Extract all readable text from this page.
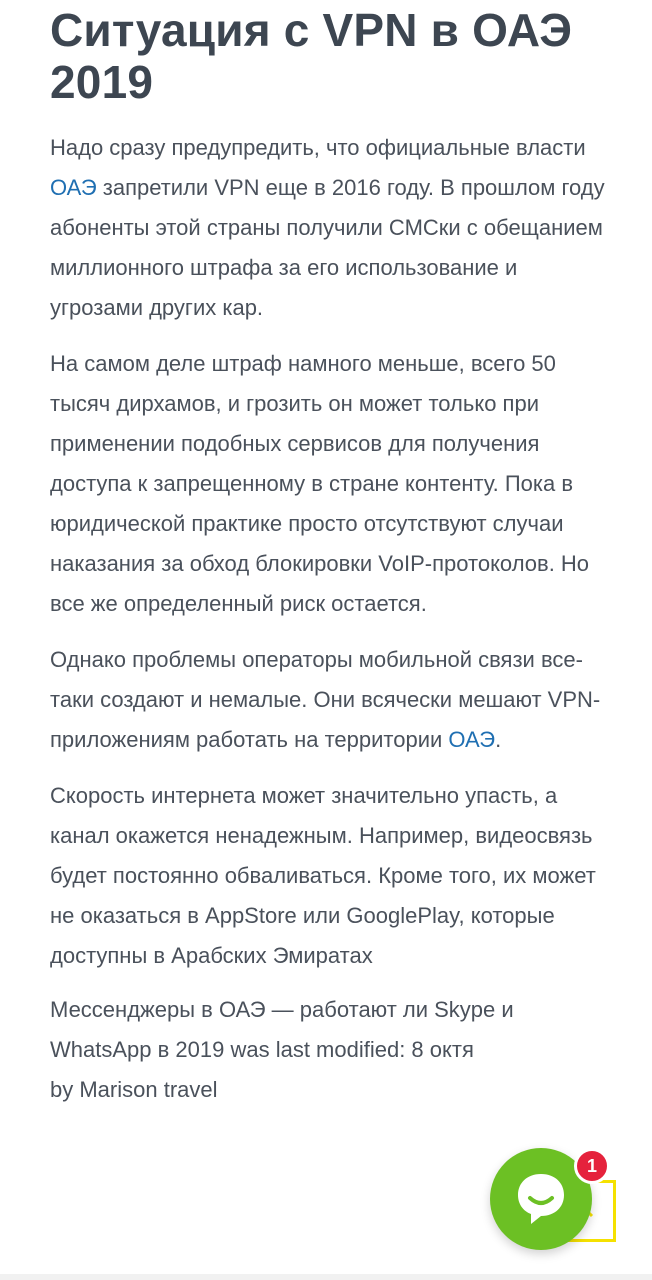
Ситуация с VPN в ОАЭ 2019

Надо сразу предупредить, что официальные власти ОАЭ запретили VPN еще в 2016 году. В прошлом году абоненты этой страны получили СМСки с обещанием миллионного штрафа за его использование и угрозами других кар.

На самом деле штраф намного меньше, всего 50 тысяч дирхамов, и грозить он может только при применении подобных сервисов для получения доступа к запрещенному в стране контенту. Пока в юридической практике просто отсутствуют случаи наказания за обход блокировки VoIP-протоколов. Но все же определенный риск остается.

Однако проблемы операторы мобильной связи все-таки создают и немалые. Они всячески мешают VPN-приложениям работать на территории ОАЭ.

Скорость интернета может значительно упасть, а канал окажется ненадежным. Например, видеосвязь будет постоянно обваливаться. Кроме того, их может не оказаться в AppStore или GooglePlay, которые доступны в Арабских Эмиратах

Мессенджеры в ОАЭ — работают ли Skype и WhatsApp в 2019 was last modified: 8 октя
by Marison travel

1
